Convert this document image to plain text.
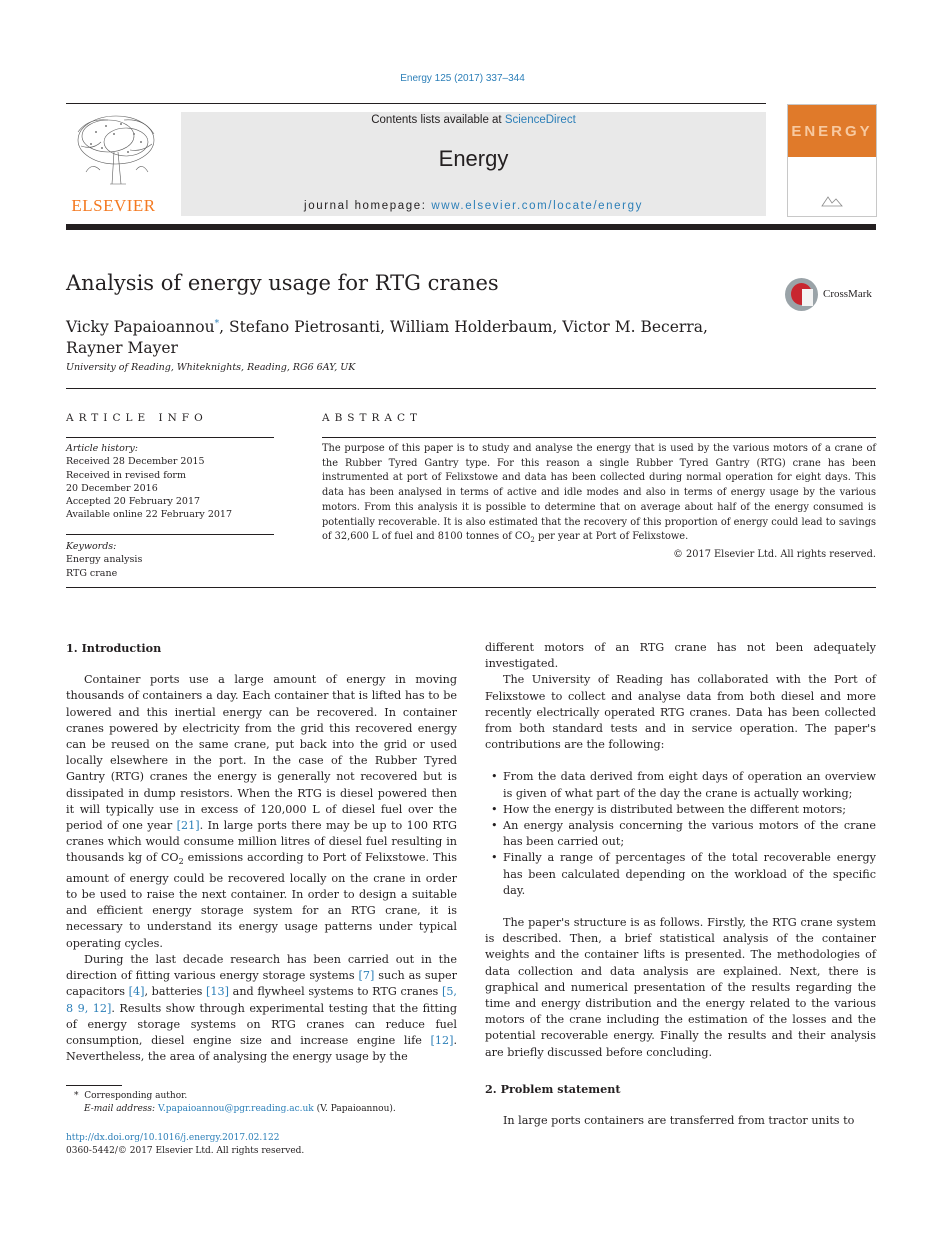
Energy 125 (2017) 337–344
ELSEVIER
Contents lists available at ScienceDirect
Energy
journal homepage: www.elsevier.com/locate/energy
ENERGY
Analysis of energy usage for RTG cranes	CrossMark
Vicky Papaioannou*, Stefano Pietrosanti, William Holderbaum, Victor M. Becerra,
Rayner Mayer
University of Reading, Whiteknights, Reading, RG6 6AY, UK
ARTICLE INFO
Article history:
Received 28 December 2015
Received in revised form
20 December 2016
Accepted 20 February 2017
Available online 22 February 2017
Keywords:
Energy analysis
RTG crane
ABSTRACT
The purpose of this paper is to study and analyse the energy that is used by the various motors of a crane of the Rubber Tyred Gantry type. For this reason a single Rubber Tyred Gantry (RTG) crane has been instrumented at port of Felixstowe and data has been collected during normal operation for eight days. This data has been analysed in terms of active and idle modes and also in terms of energy usage by the various motors. From this analysis it is possible to determine that on average about half of the energy consumed is potentially recoverable. It is also estimated that the recovery of this proportion of energy could lead to savings of 32,600 L of fuel and 8100 tonnes of $CO_2$ per year at Port of Felixstowe.
© 2017 Elsevier Ltd. All rights reserved.
1. Introduction

Container ports use a large amount of energy in moving thousands of containers a day. Each container that is lifted has to be lowered and this inertial energy can be recovered. In container cranes powered by electricity from the grid this recovered energy can be reused on the same crane, put back into the grid or used locally elsewhere in the port. In the case of the Rubber Tyred Gantry (RTG) cranes the energy is generally not recovered but is dissipated in dump resistors. When the RTG is diesel powered then it will typically use in excess of 120,000 L of diesel fuel over the period of one year [21]. In large ports there may be up to 100 RTG cranes which would consume million litres of diesel fuel resulting in thousands kg of $CO_2$ emissions according to Port of Felixstowe. This amount of energy could be recovered locally on the crane in order to be used to raise the next container. In order to design a suitable and efficient energy storage system for an RTG crane, it is necessary to understand its energy usage patterns under typical operating cycles.

During the last decade research has been carried out in the direction of fitting various energy storage systems [7] such as super capacitors [4], batteries [13] and flywheel systems to RTG cranes [5, 8 9, 12]. Results show through experimental testing that the fitting of energy storage systems on RTG cranes can reduce fuel consumption, diesel engine size and increase engine life [12]. Nevertheless, the area of analysing the energy usage by the

different motors of an RTG crane has not been adequately investigated.

The University of Reading has collaborated with the Port of Felixstowe to collect and analyse data from both diesel and more recently electrically operated RTG cranes. Data has been collected from both standard tests and in service operation. The paper's contributions are the following:

• From the data derived from eight days of operation an overview is given of what part of the day the crane is actually working;
• How the energy is distributed between the different motors;
• An energy analysis concerning the various motors of the crane has been carried out;
• Finally a range of percentages of the total recoverable energy has been calculated depending on the workload of the specific day.

The paper's structure is as follows. Firstly, the RTG crane system is described. Then, a brief statistical analysis of the container weights and the container lifts is presented. The methodologies of data collection and data analysis are explained. Next, there is graphical and numerical presentation of the results regarding the time and energy distribution and the energy related to the various motors of the crane including the estimation of the losses and the potential recoverable energy. Finally the results and their analysis are briefly discussed before concluding.

2. Problem statement

In large ports containers are transferred from tractor units to

* Corresponding author.
E-mail address: V.papaioannou@pgr.reading.ac.uk (V. Papaioannou).
http://dx.doi.org/10.1016/j.energy.2017.02.122
0360-5442/© 2017 Elsevier Ltd. All rights reserved.
